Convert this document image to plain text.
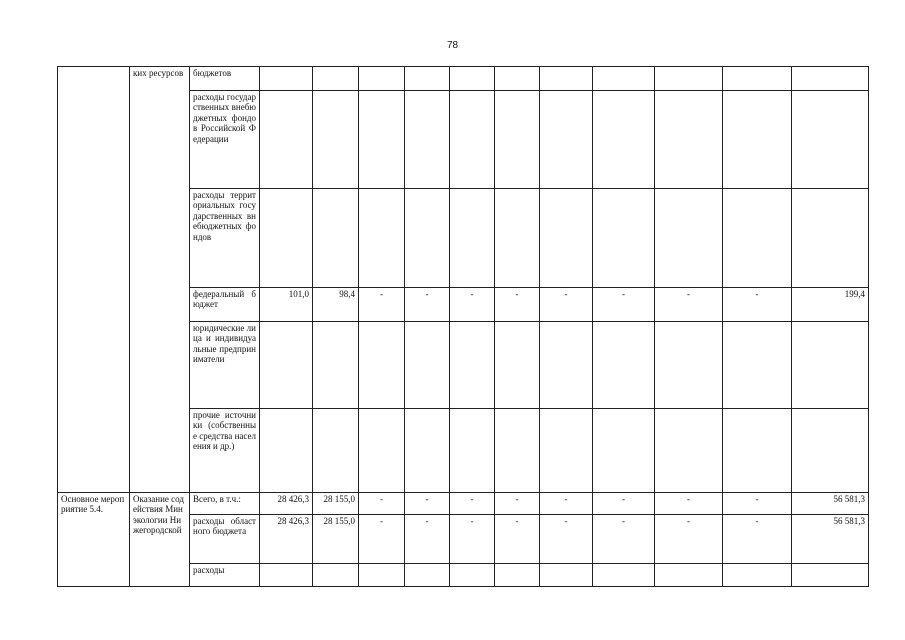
78
	ких ресурсов	бюджетов											
		расходы государственных внебюджетных фондов Российской Федерации											
		расходы территориальных государственных внебюджетных фондов											
		федеральный бюджет	101,0	98,4	-	-	-	-	-	-	-	-	199,4
		юридические лица и индивидуальные предприниматели											
		прочие источники (собственные средства населения и др.)											
Основное мероприятие 5.4.	Оказание содействия Минэкологии Нижегородской	Всего, в т.ч.:	28 426,3	28 155,0	-	-	-	-	-	-	-	-	56 581,3
		расходы областного бюджета	28 426,3	28 155,0	-	-	-	-	-	-	-	-	56 581,3
		расходы											
